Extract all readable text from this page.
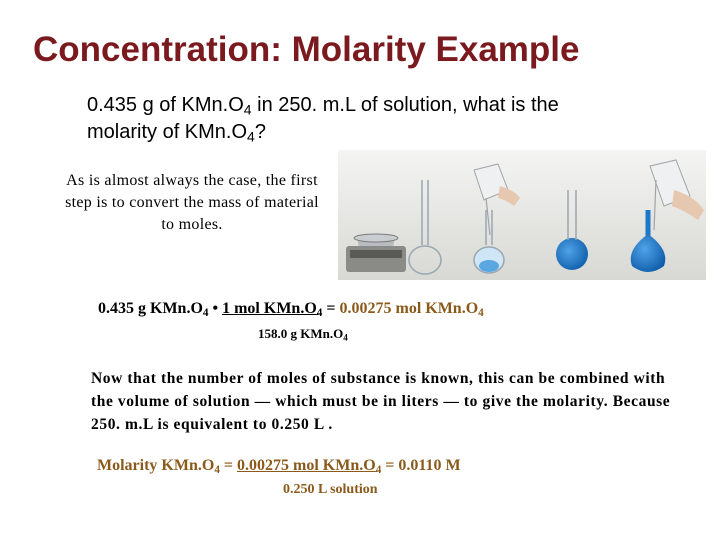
Concentration: Molarity Example
0.435 g of $KMn.O_4$ in 250. m.L of solution, what is the
molarity of $KMn.O_4$?
As is almost always the case, the first step is to convert the mass of material to moles.
0.435 g $KMn.O_4$ • 1 mol $KMn.O_4 = 0.00275$ mol $KMn.O_4$
158.0 g $KMn.O_4$
Now that the number of moles of substance is known, this can be combined with the volume of solution — which must be in liters — to give the molarity. Because 250. m.L is equivalent to 0.250 L .
Molarity $KMn.O_4 = 0.00275$ mol $KMn.O_4 = 0.0110$ M
0.250 L solution
